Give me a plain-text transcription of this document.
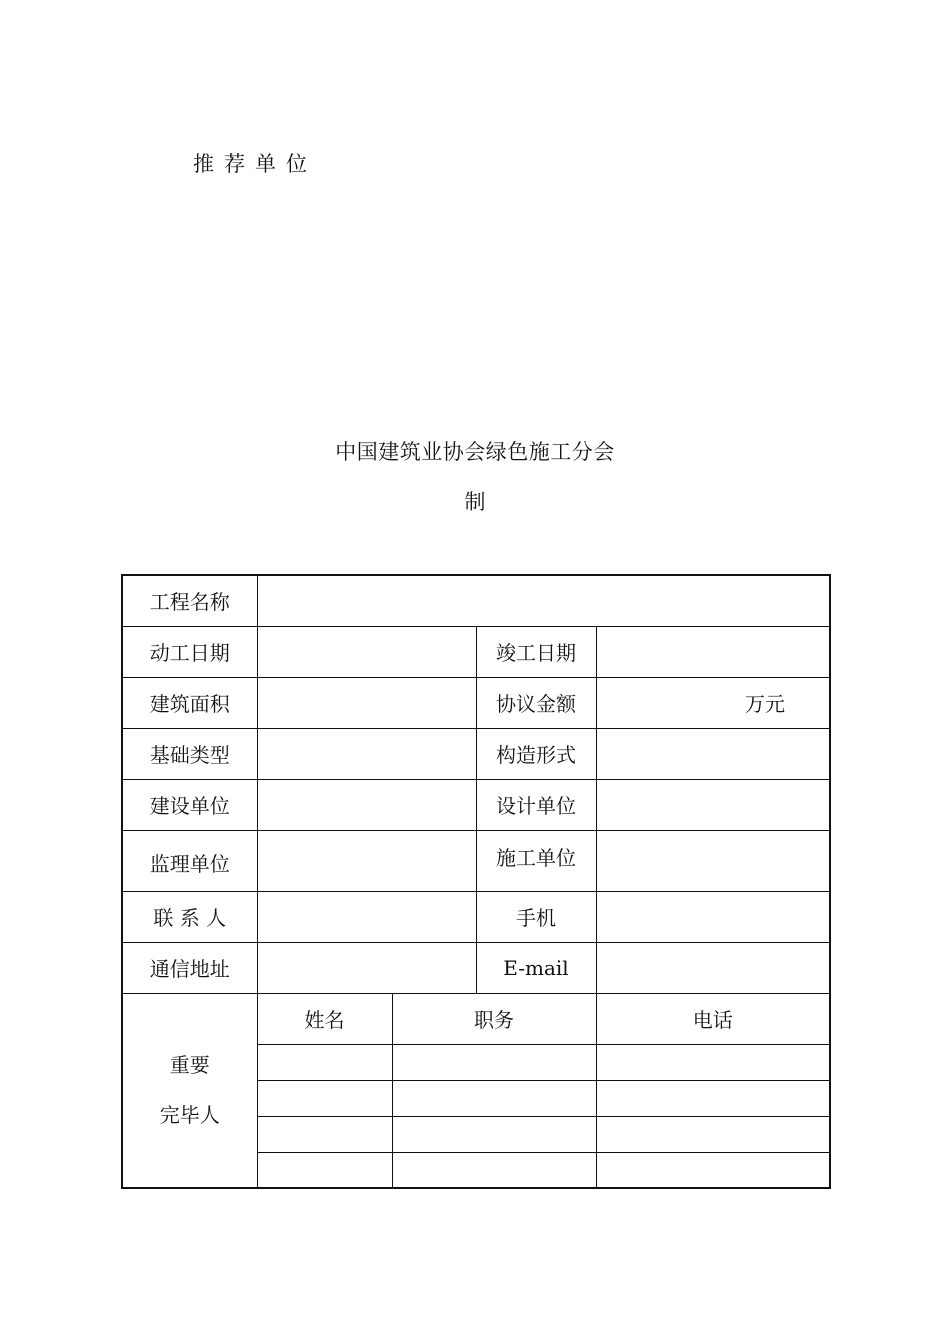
推荐单位
中国建筑业协会绿色施工分会
制
工程名称				
动工日期			竣工日期	
建筑面积			协议金额	万元
基础类型			构造形式	
建设单位			设计单位	
监理单位			施工单位	
联 系 人			手机	
通信地址			E-mail	

重要
完毕人	姓名	职务		电话
